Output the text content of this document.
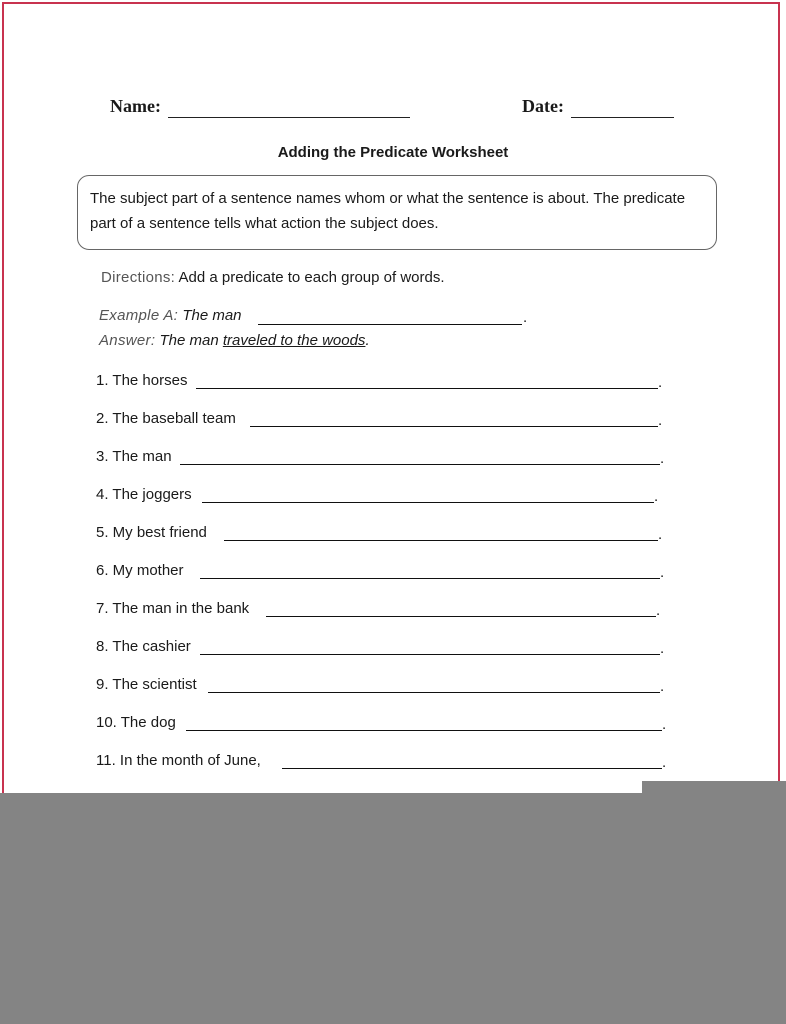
Name:	Date:
Adding the Predicate Worksheet
The subject part of a sentence names whom or what the sentence is about. The predicate part of a sentence tells what action the subject does.
Directions: Add a predicate to each group of words.
Example A: The man	.
Answer: The man traveled to the woods.
1. The horses	.
2. The baseball team	.
3. The man	.
4. The joggers	.
5. My best friend	.
6. My mother	.
7. The man in the bank	.
8. The cashier	.
9. The scientist	.
10. The dog	.
11. In the month of June,	.
